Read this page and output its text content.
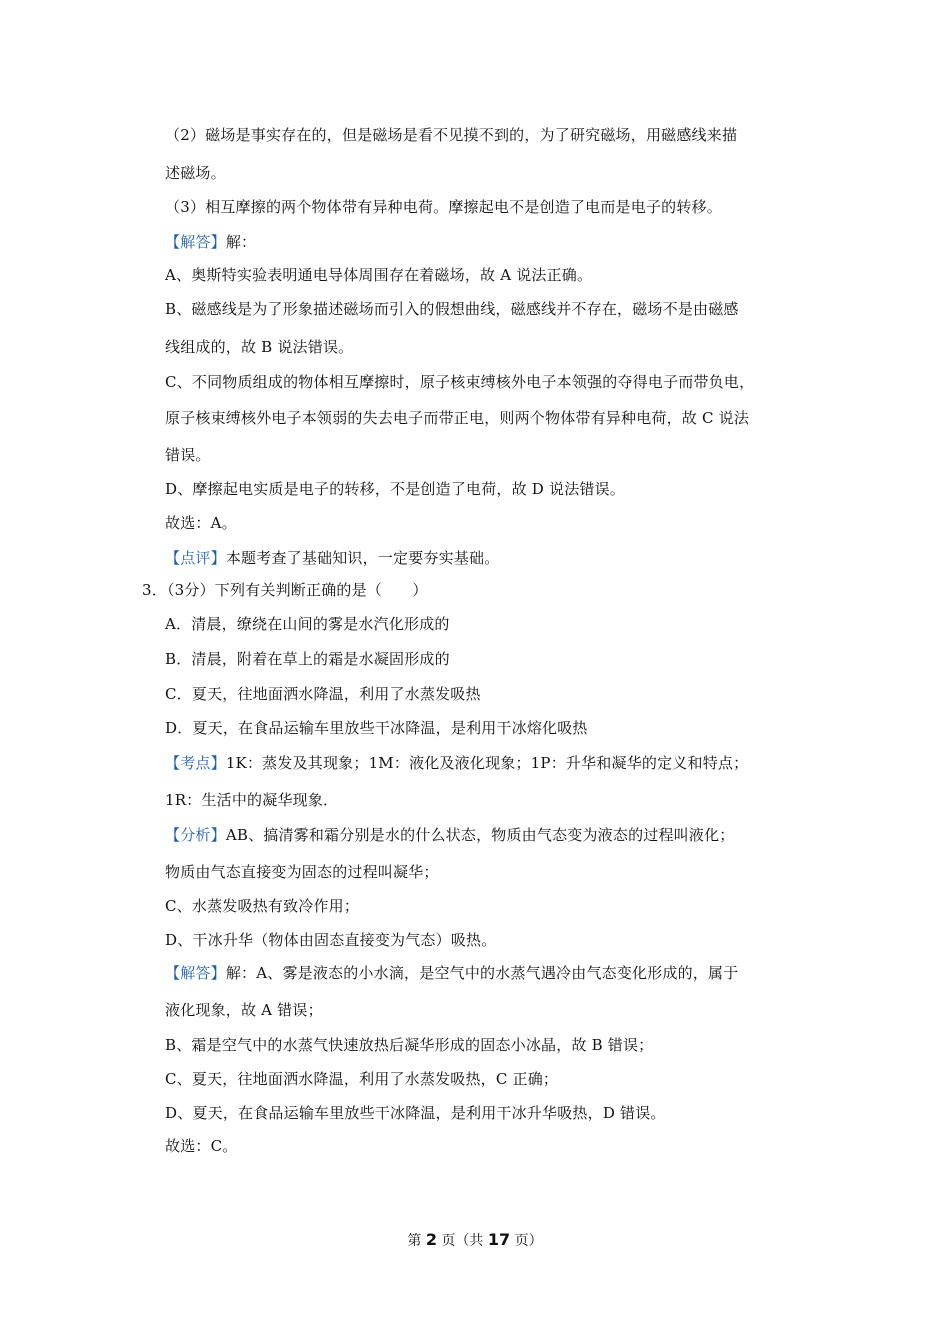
（2）磁场是事实存在的，但是磁场是看不见摸不到的，为了研究磁场，用磁感线来描
述磁场。
（3）相互摩擦的两个物体带有异种电荷。摩擦起电不是创造了电而是电子的转移。
【解答】解：
A、奥斯特实验表明通电导体周围存在着磁场，故 A 说法正确。
B、磁感线是为了形象描述磁场而引入的假想曲线，磁感线并不存在，磁场不是由磁感
线组成的，故 B 说法错误。
C、不同物质组成的物体相互摩擦时，原子核束缚核外电子本领强的夺得电子而带负电，
原子核束缚核外电子本领弱的失去电子而带正电，则两个物体带有异种电荷，故 C 说法
错误。
D、摩擦起电实质是电子的转移，不是创造了电荷，故 D 说法错误。
故选：A。
【点评】本题考查了基础知识，一定要夯实基础。
3．（3分）下列有关判断正确的是（　　）
A．清晨，缭绕在山间的雾是水汽化形成的
B．清晨，附着在草上的霜是水凝固形成的
C．夏天，往地面洒水降温，利用了水蒸发吸热
D．夏天，在食品运输车里放些干冰降温，是利用干冰熔化吸热
【考点】1K：蒸发及其现象；1M：液化及液化现象；1P：升华和凝华的定义和特点；
1R：生活中的凝华现象．
【分析】AB、搞清雾和霜分别是水的什么状态，物质由气态变为液态的过程叫液化；
物质由气态直接变为固态的过程叫凝华；
C、水蒸发吸热有致冷作用；
D、干冰升华（物体由固态直接变为气态）吸热。
【解答】解：A、雾是液态的小水滴，是空气中的水蒸气遇冷由气态变化形成的，属于
液化现象，故 A 错误；
B、霜是空气中的水蒸气快速放热后凝华形成的固态小冰晶，故 B 错误；
C、夏天，往地面洒水降温，利用了水蒸发吸热，C 正确；
D、夏天，在食品运输车里放些干冰降温，是利用干冰升华吸热，D 错误。
故选：C。
第 2 页（共 17 页）
